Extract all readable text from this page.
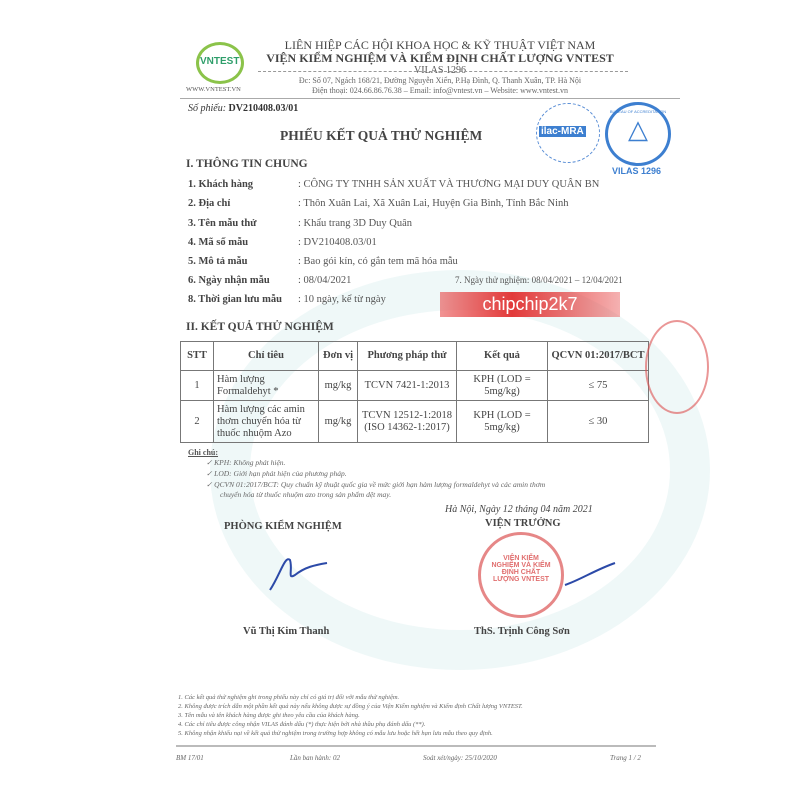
VNTEST
WWW.VNTEST.VN
LIÊN HIỆP CÁC HỘI KHOA HỌC & KỸ THUẬT VIỆT NAM
VIỆN KIỂM NGHIỆM VÀ KIỂM ĐỊNH CHẤT LƯỢNG VNTEST
VILAS 1296
Đc: Số 07, Ngách 168/21, Đường Nguyễn Xiển, P.Hạ Đình, Q. Thanh Xuân, TP. Hà Nội
Điện thoại: 024.66.86.76.38 – Email: info@vntest.vn – Website: www.vntest.vn
Số phiếu: DV210408.03/01
PHIẾU KẾT QUẢ THỬ NGHIỆM	ilac-MRA
BUREAU OF ACCREDITATION
△
VILAS 1296
I. THÔNG TIN CHUNG
1. Khách hàng	: CÔNG TY TNHH SẢN XUẤT VÀ THƯƠNG MẠI DUY QUÂN BN
2. Địa chỉ	: Thôn Xuân Lai, Xã Xuân Lai, Huyện Gia Bình, Tỉnh Bắc Ninh
3. Tên mẫu thử	: Khẩu trang 3D Duy Quân
4. Mã số mẫu	: DV210408.03/01
5. Mô tả mẫu	: Bao gói kín, có gắn tem mã hóa mẫu
6. Ngày nhận mẫu	: 08/04/2021	7. Ngày thử nghiệm: 08/04/2021 – 12/04/2021
8. Thời gian lưu mẫu : 10 ngày, kể từ ngày	chipchip2k7
II. KẾT QUẢ THỬ NGHIỆM
STT	Chỉ tiêu	Đơn vị	Phương pháp thử	Kết quả	QCVN 01:2017/BCT
1	Hàm lượng Formaldehyt *	mg/kg	TCVN 7421-1:2013	KPH (LOD = 5mg/kg)	≤ 75
2	Hàm lượng các amin thơm chuyển hóa từ thuốc nhuộm Azo	mg/kg	TCVN 12512-1:2018 (ISO 14362-1:2017)	KPH (LOD = 5mg/kg)	≤ 30
Ghi chú:
✓ KPH: Không phát hiện.
✓ LOD: Giới hạn phát hiện của phương pháp.
✓ QCVN 01:2017/BCT: Quy chuẩn kỹ thuật quốc gia về mức giới hạn hàm lượng formaldehyt và các amin thơm
chuyển hóa từ thuốc nhuộm azo trong sản phẩm dệt may.
Hà Nội, Ngày 12 tháng 04 năm 2021
PHÒNG KIỂM NGHIỆM	VIỆN TRƯỞNG
VIỆN KIỂM NGHIỆM VÀ KIỂM ĐỊNH CHẤT LƯỢNG VNTEST
Vũ Thị Kim Thanh	ThS. Trịnh Công Sơn
1. Các kết quả thử nghiệm ghi trong phiếu này chỉ có giá trị đối với mẫu thử nghiệm.
2. Không được trích dẫn một phần kết quả này nếu không được sự đồng ý của Viện Kiểm nghiệm và Kiểm định Chất lượng VNTEST.
3. Tên mẫu và tên khách hàng được ghi theo yêu cầu của khách hàng.
4. Các chỉ tiêu được công nhận VILAS đánh dấu (*) thực hiện bởi nhà thầu phụ đánh dấu (**).
5. Không nhận khiếu nại về kết quả thử nghiệm trong trường hợp không có mẫu lưu hoặc hết hạn lưu mẫu theo quy định.
BM 17/01	Lần ban hành: 02	Soát xét/ngày: 25/10/2020	Trang 1 / 2
